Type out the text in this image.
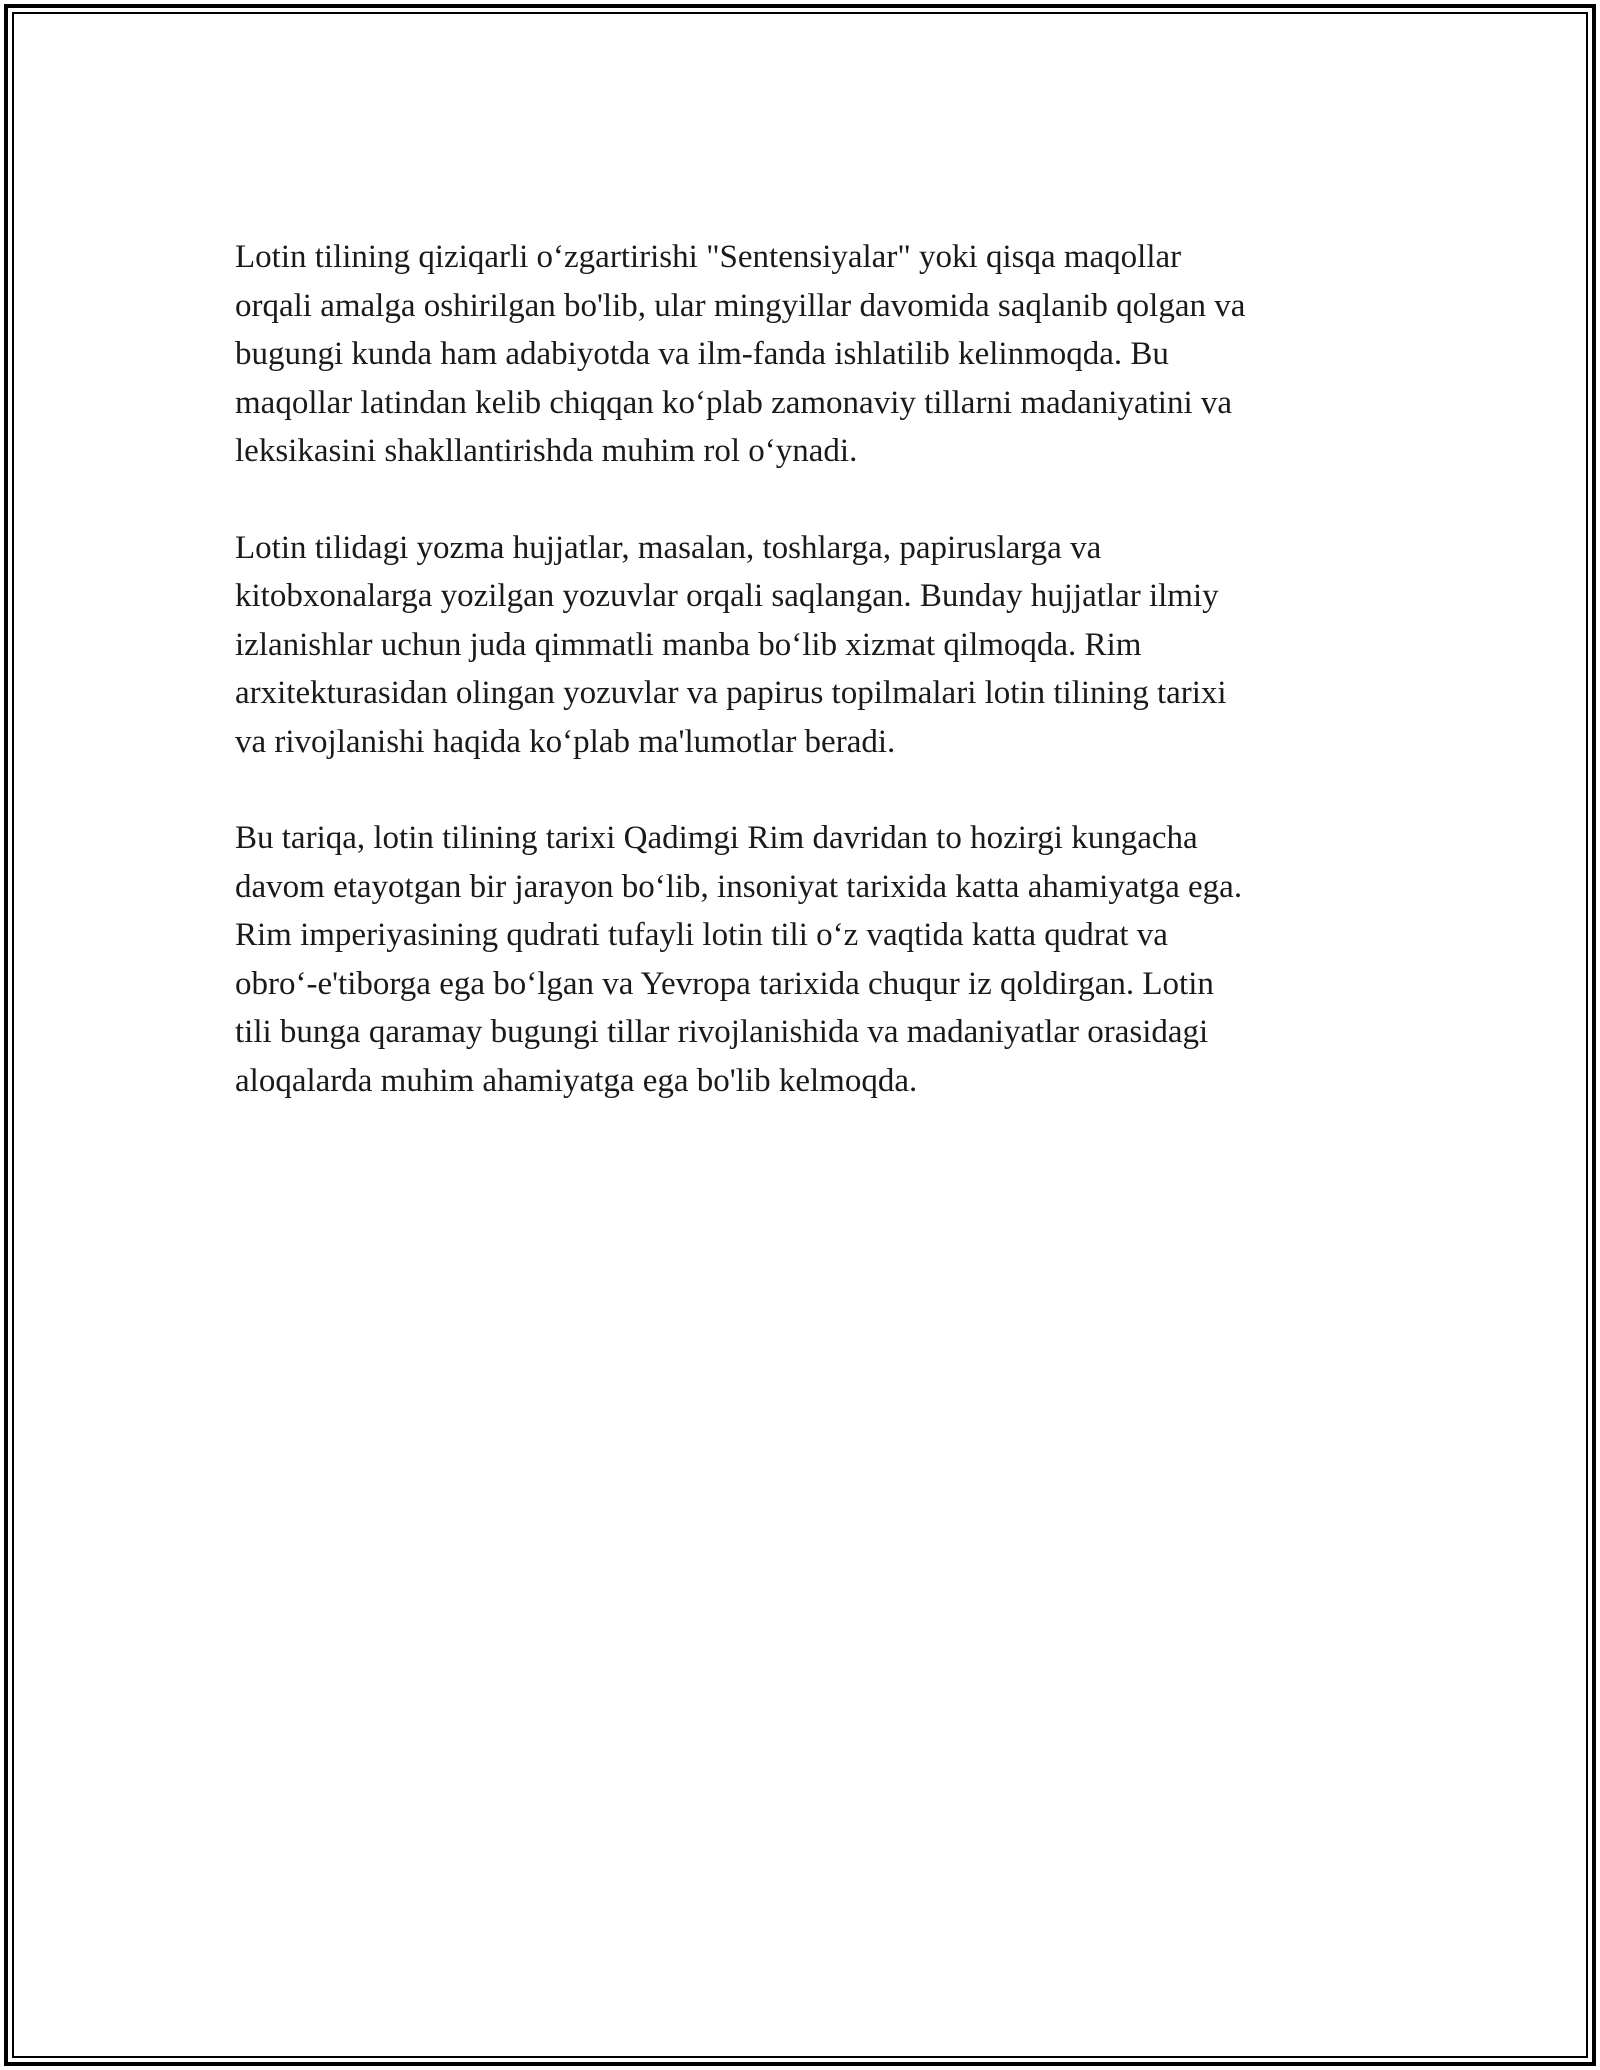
Lotin tilining qiziqarli o‘zgartirishi "Sentensiyalar" yoki qisqa maqollar
orqali amalga oshirilgan bo'lib, ular mingyillar davomida saqlanib qolgan va
bugungi kunda ham adabiyotda va ilm-fanda ishlatilib kelinmoqda. Bu
maqollar latindan kelib chiqqan ko‘plab zamonaviy tillarni madaniyatini va
leksikasini shakllantirishda muhim rol o‘ynadi.

Lotin tilidagi yozma hujjatlar, masalan, toshlarga, papiruslarga va
kitobxonalarga yozilgan yozuvlar orqali saqlangan. Bunday hujjatlar ilmiy
izlanishlar uchun juda qimmatli manba bo‘lib xizmat qilmoqda. Rim
arxitekturasidan olingan yozuvlar va papirus topilmalari lotin tilining tarixi
va rivojlanishi haqida ko‘plab ma'lumotlar beradi.

Bu tariqa, lotin tilining tarixi Qadimgi Rim davridan to hozirgi kungacha
davom etayotgan bir jarayon bo‘lib, insoniyat tarixida katta ahamiyatga ega.
Rim imperiyasining qudrati tufayli lotin tili o‘z vaqtida katta qudrat va
obro‘-e'tiborga ega bo‘lgan va Yevropa tarixida chuqur iz qoldirgan. Lotin
tili bunga qaramay bugungi tillar rivojlanishida va madaniyatlar orasidagi
aloqalarda muhim ahamiyatga ega bo'lib kelmoqda.
